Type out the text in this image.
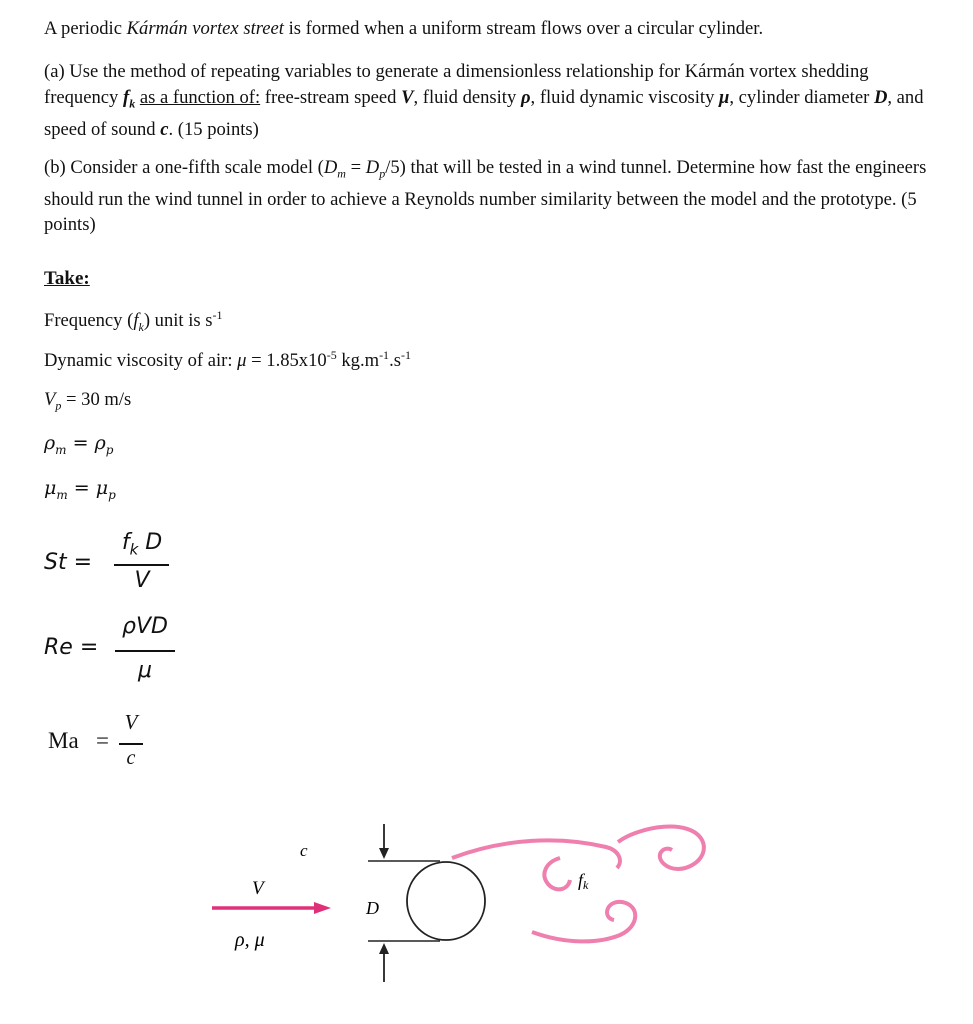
A periodic Kármán vortex street is formed when a uniform stream flows over a circular cylinder.
(a) Use the method of repeating variables to generate a dimensionless relationship for Kármán vortex shedding frequency $f_k$ as a function of: free-stream speed V, fluid density ρ, fluid dynamic viscosity μ, cylinder diameter D, and speed of sound c. (15 points)
(b) Consider a one-fifth scale model $(D_m = D_p/5)$ that will be tested in a wind tunnel. Determine how fast the engineers should run the wind tunnel in order to achieve a Reynolds number similarity between the model and the prototype. (5 points)
Take:
Frequency $(f_k)$ unit is $s^{-1}$
Dynamic viscosity of air: $\mu = 1.85x10^{-5}$ $kg.m^{-1}.s^{-1}$
$V_p = 30$ m/s
$\rho_m = \rho_p$
$\mu_m = \mu_p$
St =
$f_k$ D
V
Re =
ρVD
μ
Ma =
V
c
V
ρ, μ
c
D
fk
